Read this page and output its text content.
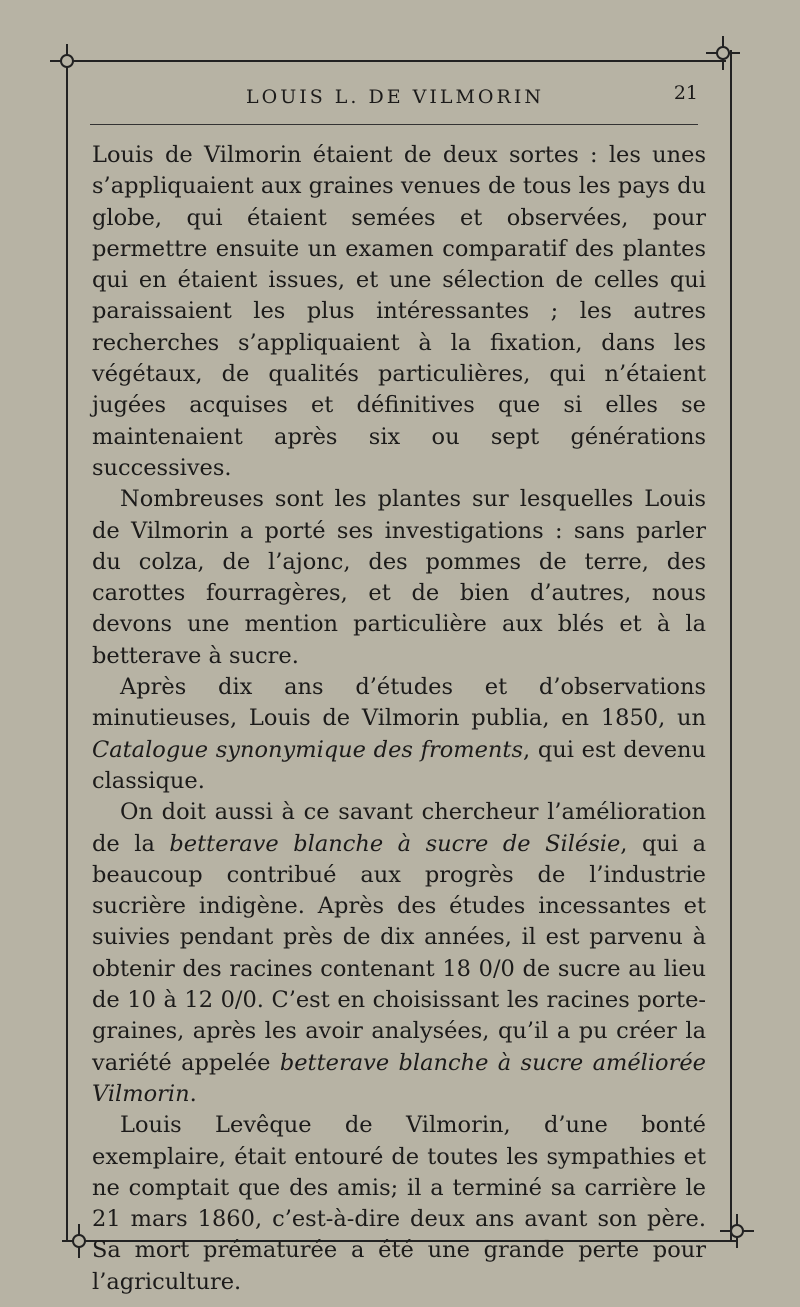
LOUIS L. DE VILMORIN	21

Louis de Vilmorin étaient de deux sortes : les unes s’appliquaient aux graines venues de tous les pays du globe, qui étaient semées et observées, pour permettre ensuite un examen comparatif des plantes qui en étaient issues, et une sélection de celles qui paraissaient les plus intéressantes ; les autres recherches s’appliquaient à la fixation, dans les végétaux, de qualités particulières, qui n’étaient jugées acquises et définitives que si elles se maintenaient après six ou sept générations successives.

Nombreuses sont les plantes sur lesquelles Louis de Vilmorin a porté ses investigations : sans parler du colza, de l’ajonc, des pommes de terre, des carottes fourragères, et de bien d’autres, nous devons une mention particulière aux blés et à la betterave à sucre.

Après dix ans d’études et d’observations minutieuses, Louis de Vilmorin publia, en 1850, un Catalogue synonymique des froments, qui est devenu classique.

On doit aussi à ce savant chercheur l’amélioration de la betterave blanche à sucre de Silésie, qui a beaucoup contribué aux progrès de l’industrie sucrière indigène. Après des études incessantes et suivies pendant près de dix années, il est parvenu à obtenir des racines contenant 18 0/0 de sucre au lieu de 10 à 12 0/0. C’est en choisissant les racines porte-graines, après les avoir analysées, qu’il a pu créer la variété appelée betterave blanche à sucre améliorée Vilmorin.

Louis Levêque de Vilmorin, d’une bonté exemplaire, était entouré de toutes les sympathies et ne comptait que des amis; il a terminé sa carrière le 21 mars 1860, c’est-à-dire deux ans avant son père. Sa mort prématurée a été une grande perte pour l’agriculture.
